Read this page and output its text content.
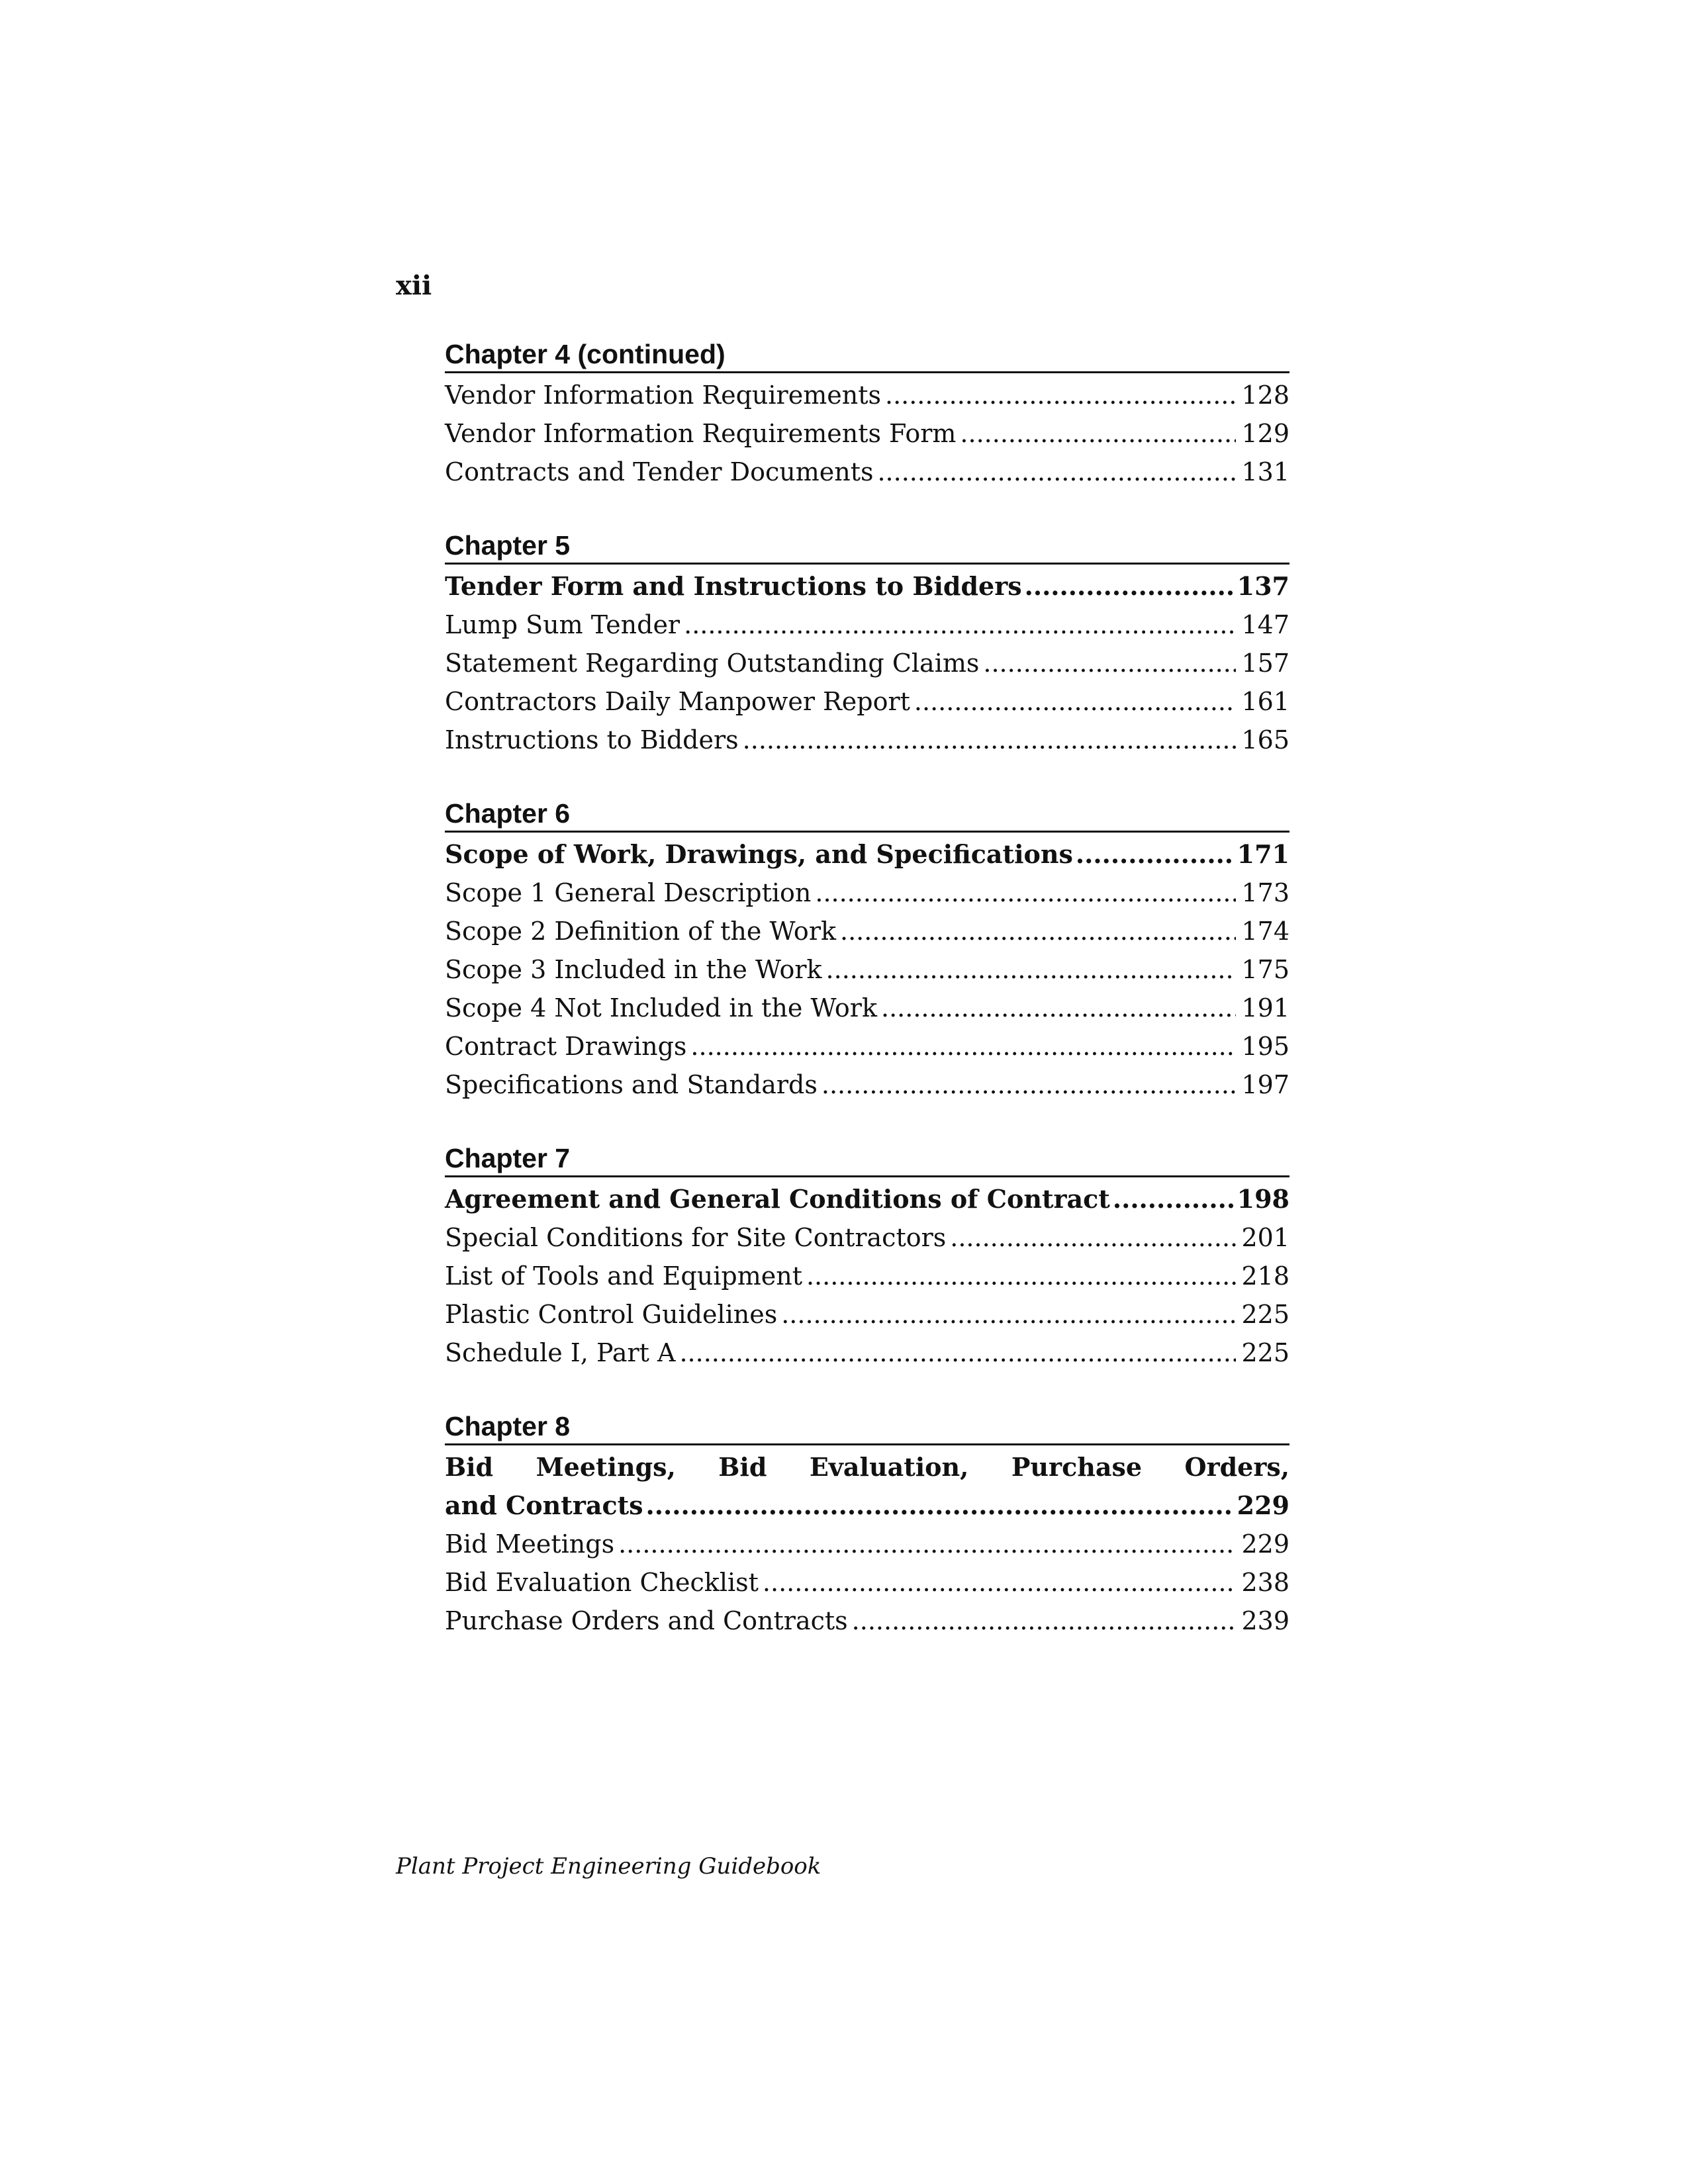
xii

Chapter 4 (continued)
Vendor Information Requirements .....	128
Vendor Information Requirements Form .....	129
Contracts and Tender Documents .....	131
Chapter 5
Tender Form and Instructions to Bidders .....	137
Lump Sum Tender .....	147
Statement Regarding Outstanding Claims .....	157
Contractors Daily Manpower Report .....	161
Instructions to Bidders .....	165
Chapter 6
Scope of Work, Drawings, and Specifications .....	171
Scope 1 General Description .....	173
Scope 2 Definition of the Work .....	174
Scope 3 Included in the Work .....	175
Scope 4 Not Included in the Work .....	191
Contract Drawings .....	195
Specifications and Standards .....	197
Chapter 7
Agreement and General Conditions of Contract .....	198
Special Conditions for Site Contractors .....	201
List of Tools and Equipment .....	218
Plastic Control Guidelines .....	225
Schedule I, Part A .....	225
Chapter 8
Bid Meetings, Bid Evaluation, Purchase Orders,
and Contracts .....	229
Bid Meetings .....	229
Bid Evaluation Checklist .....	238
Purchase Orders and Contracts .....	239

Plant Project Engineering Guidebook
